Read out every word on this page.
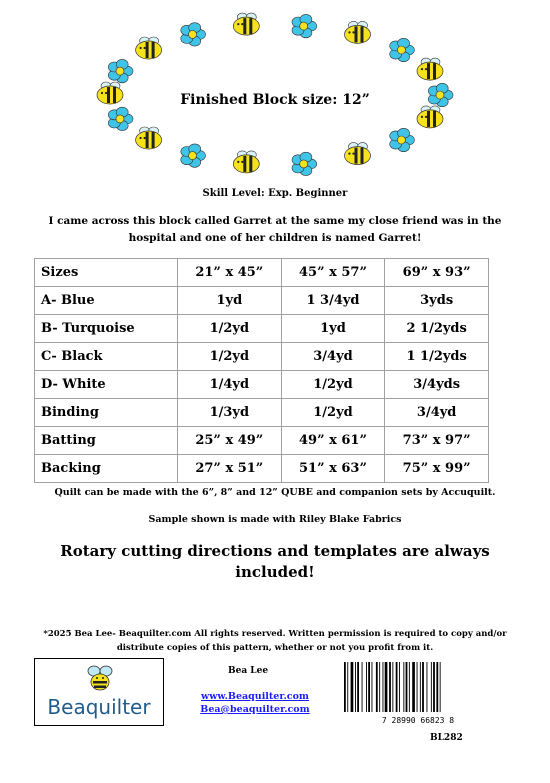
Finished Block size: 12”
Skill Level: Exp. Beginner
I came across this block called Garret at the same my close friend was in the hospital and one of her children is named Garret!
Sizes	21” x 45”	45” x 57”	69” x 93”
A- Blue	1yd	1 3/4yd	3yds
B- Turquoise	1/2yd	1yd	2 1/2yds
C- Black	1/2yd	3/4yd	1 1/2yds
D- White	1/4yd	1/2yd	3/4yds
Binding	1/3yd	1/2yd	3/4yd
Batting	25” x 49”	49” x 61”	73” x 97”
Backing	27” x 51”	51” x 63”	75” x 99”
Quilt can be made with the 6”, 8” and 12” QUBE and companion sets by Accuquilt.
Sample shown is made with Riley Blake Fabrics
Rotary cutting directions and templates are always included!
*2025 Bea Lee- Beaquilter.com All rights reserved. Written permission is required to copy and/or distribute copies of this pattern, whether or not you profit from it.
Beaquilter
Bea Lee
www.Beaquilter.com
Bea@beaquilter.com
7 28990 66823 8
BL282
